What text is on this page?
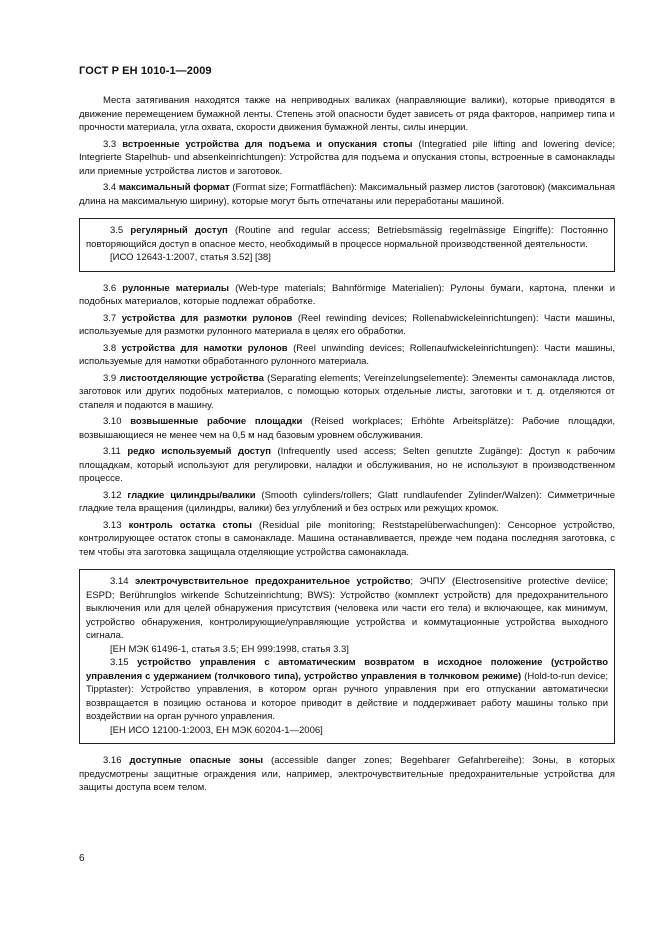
ГОСТ Р ЕН 1010-1—2009

Места затягивания находятся также на неприводных валиках (направляющие валики), которые приводятся в движение перемещением бумажной ленты. Степень этой опасности будет зависеть от ряда факторов, например типа и прочности материала, угла охвата, скорости движения бумажной ленты, силы инерции.

3.3 встроенные устройства для подъема и опускания стопы (Integratied pile lifting and lowering device; Integrierte Stapelhub- und absenkeinrichtungen): Устройства для подъема и опускания стопы, встроенные в самонаклады или приемные устройства листов и заготовок.

3.4 максимальный формат (Format size; Formatflächen): Максимальный размер листов (заготовок) (максимальная длина на максимальную ширину), которые могут быть отпечатаны или переработаны машиной.

3.5 регулярный доступ (Routine and regular access; Betriebsmässig regelmässige Eingriffe): Постоянно повторяющийся доступ в опасное место, необходимый в процессе нормальной производственной деятельности.

[ИСО 12643-1:2007, статья 3.52] [38]

3.6 рулонные материалы (Web-type materials; Bahnförmige Materialien): Рулоны бумаги, картона, пленки и подобных материалов, которые подлежат обработке.

3.7 устройства для размотки рулонов (Reel rewinding devices; Rollenabwickeleinrichtungen): Части машины, используемые для размотки рулонного материала в целях его обработки.

3.8 устройства для намотки рулонов (Reel unwinding devices; Rollenaufwickeleinrichtungen): Части машины, используемые для намотки обработанного рулонного материала.

3.9 листоотделяющие устройства (Separating elements; Vereinzelungselemente): Элементы самонаклада листов, заготовок или других подобных материалов, с помощью которых отдельные листы, заготовки и т. д. отделяются от стапеля и подаются в машину.

3.10 возвышенные рабочие площадки (Reised workplaces; Erhöhte Arbeitsplätze): Рабочие площадки, возвышающиеся не менее чем на 0,5 м над базовым уровнем обслуживания.

3.11 редко используемый доступ (Infrequently used access; Selten genutzte Zugänge): Доступ к рабочим площадкам, который используют для регулировки, наладки и обслуживания, но не используют в производственном процессе.

3.12 гладкие цилиндры/валики (Smooth cylinders/rollers; Glatt rundlaufender Zylinder/Walzen): Симметричные гладкие тела вращения (цилиндры, валики) без углублений и без острых или режущих кромок.

3.13 контроль остатка стопы (Residual pile monitoring; Reststapelüberwachungen): Сенсорное устройство, контролирующее остаток стопы в самонакладе. Машина останавливается, прежде чем подана последняя заготовка, с тем чтобы эта заготовка защищала отделяющие устройства самонаклада.

3.14 электрочувствительное предохранительное устройство; ЭЧПУ (Electrosensitive protective deviice; ESPD; Berührunglos wirkende Schutzeinrichtung; BWS): Устройство (комплект устройств) для предохранительного выключения или для целей обнаружения присутствия (человека или части его тела) и включающее, как минимум, устройство обнаружения, контролирующие/управляющие устройства и коммутационные устройства выходного сигнала.

[ЕН МЭК 61496-1, статья 3.5; ЕН 999:1998, статья 3.3]

3.15 устройство управления с автоматическим возвратом в исходное положение (устройство управления с удержанием (толчкового типа), устройство управления в толчковом режиме) (Hold-to-run device; Tipptaster): Устройство управления, в котором орган ручного управления при его отпускании автоматически возвращается в позицию останова и которое приводит в действие и поддерживает работу машины только при воздействии на орган ручного управления.

[ЕН ИСО 12100-1:2003, ЕН МЭК 60204-1—2006]

3.16 доступные опасные зоны (accessible danger zones; Begehbarer Gefahrbereihe): Зоны, в которых предусмотрены защитные ограждения или, например, электрочувствительные предохранительные устройства для защиты доступа всем телом.

6
